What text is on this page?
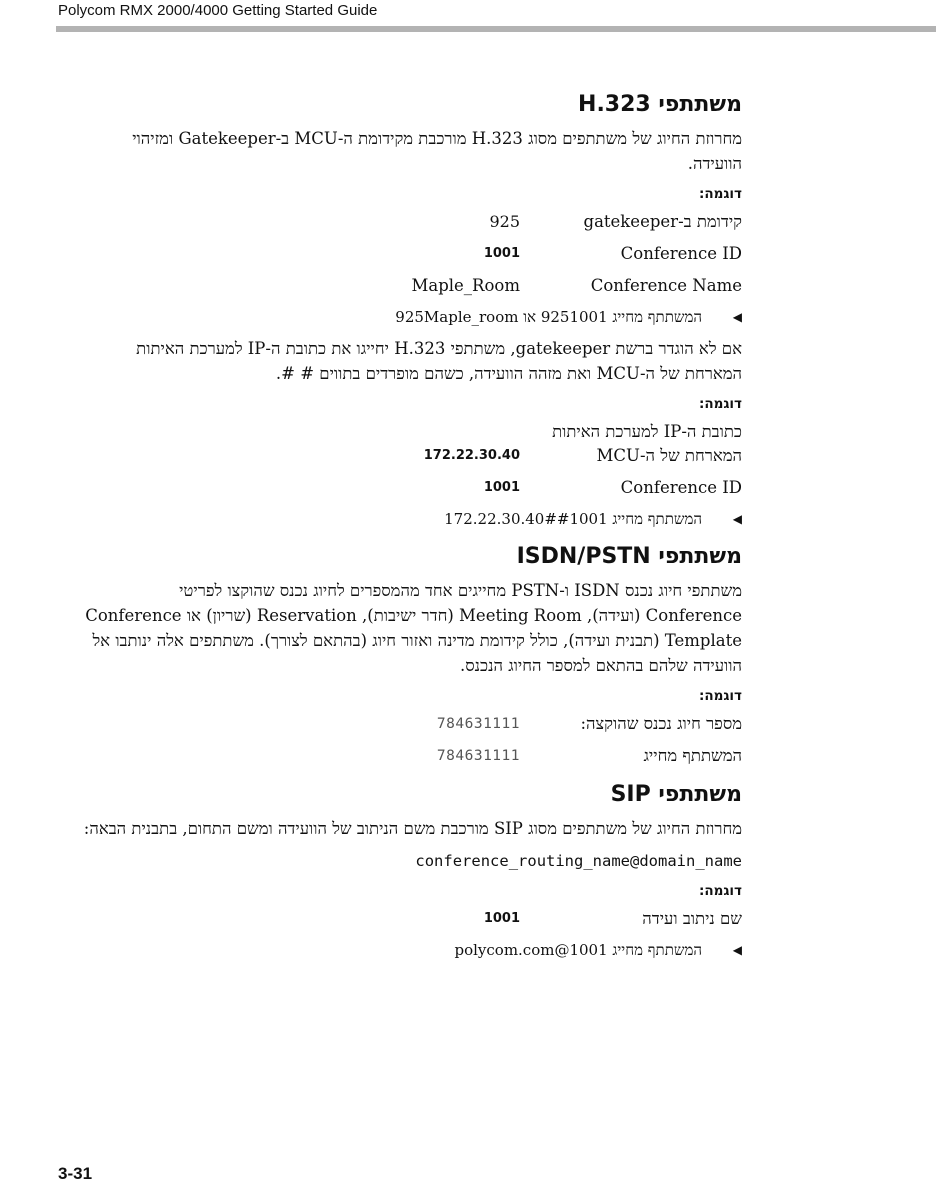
Polycom RMX 2000/4000 Getting Started Guide
משתתפי H.323

מחרוזת החיוג של משתתפים מסוג H.323 מורכבת מקידומת ה-MCU ב-Gatekeeper ומזיהוי הוועידה.

דוגמה:
קידומת ב-gatekeeper
925
Conference ID
1001
Conference Name
Maple_Room
◀
המשתתף מחייג 9251001 או 925Maple_room

אם לא הוגדר ברשת gatekeeper, משתתפי H.323 יחייגו את כתובת ה-IP למערכת האיתות המארחת של ה-MCU ואת מזהה הוועידה, כשהם מופרדים בתווים # #.

דוגמה:
כתובת ה-IP למערכת האיתות המארחת של ה-MCU
172.22.30.40
Conference ID
1001
◀
המשתתף מחייג 172.22.30.40##1001
משתתפי ISDN/PSTN

משתתפי חיוג נכנס ISDN ו-PSTN מחייגים אחד מהמספרים לחיוג נכנס שהוקצו לפריטי Conference (ועידה), Meeting Room (חדר ישיבות), Reservation (שריון) או Conference Template (תבנית ועידה), כולל קידומת מדינה ואזור חיוג (בהתאם לצורך). משתתפים אלה ינותבו אל הוועידה שלהם בהתאם למספר החיוג הנכנס.

דוגמה:
מספר חיוג נכנס שהוקצה:
784631111
המשתתף מחייג
784631111
משתתפי SIP

מחרוזת החיוג של משתתפים מסוג SIP מורכבת משם הניתוב של הוועידה ומשם התחום, בתבנית הבאה:

conference_routing_name@domain_name
דוגמה:
שם ניתוב ועידה
1001
◀
המשתתף מחייג 1001@polycom.com
3-31
